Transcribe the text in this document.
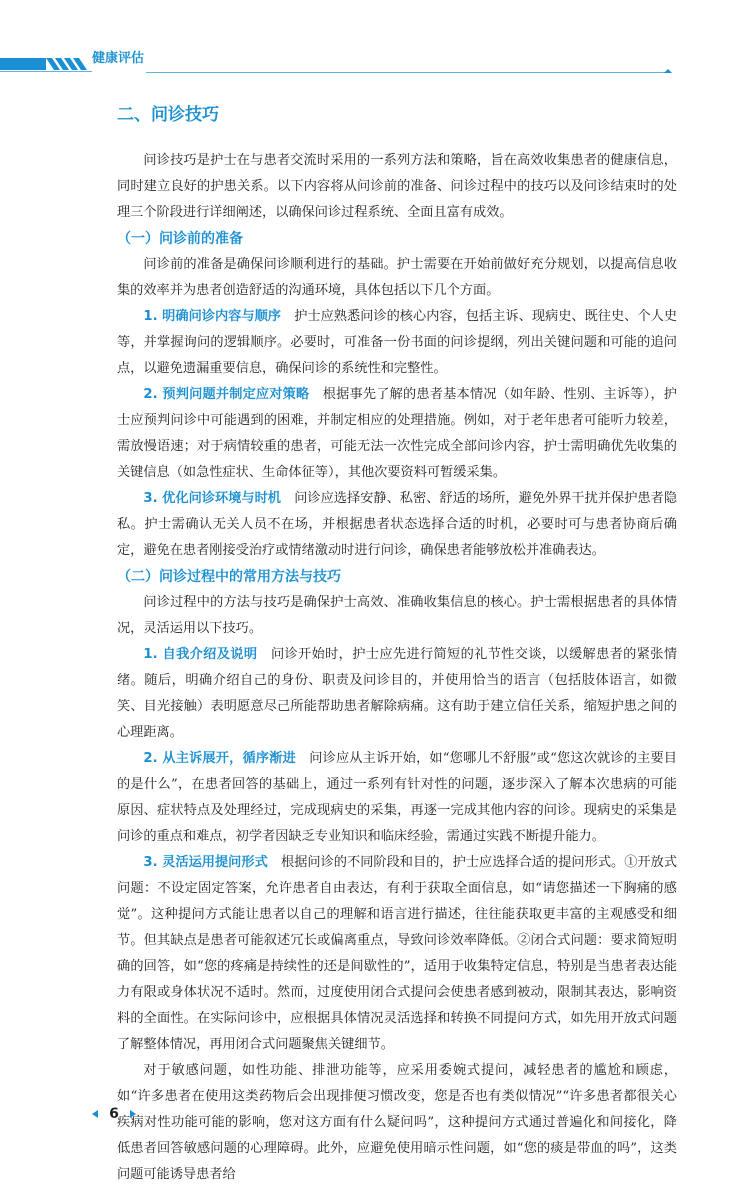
健康评估
二、问诊技巧

问诊技巧是护士在与患者交流时采用的一系列方法和策略，旨在高效收集患者的健康信息，同时建立良好的护患关系。以下内容将从问诊前的准备、问诊过程中的技巧以及问诊结束时的处理三个阶段进行详细阐述，以确保问诊过程系统、全面且富有成效。

（一）问诊前的准备

问诊前的准备是确保问诊顺利进行的基础。护士需要在开始前做好充分规划，以提高信息收集的效率并为患者创造舒适的沟通环境，具体包括以下几个方面。

1. 明确问诊内容与顺序　 护士应熟悉问诊的核心内容，包括主诉、现病史、既往史、个人史等，并掌握询问的逻辑顺序。必要时，可准备一份书面的问诊提纲，列出关键问题和可能的追问点，以避免遗漏重要信息，确保问诊的系统性和完整性。

2. 预判问题并制定应对策略　 根据事先了解的患者基本情况（如年龄、性别、主诉等），护士应预判问诊中可能遇到的困难，并制定相应的处理措施。例如，对于老年患者可能听力较差，需放慢语速；对于病情较重的患者，可能无法一次性完成全部问诊内容，护士需明确优先收集的关键信息（如急性症状、生命体征等），其他次要资料可暂缓采集。

3. 优化问诊环境与时机　 问诊应选择安静、私密、舒适的场所，避免外界干扰并保护患者隐私。护士需确认无关人员不在场，并根据患者状态选择合适的时机，必要时可与患者协商后确定，避免在患者刚接受治疗或情绪激动时进行问诊，确保患者能够放松并准确表达。

（二）问诊过程中的常用方法与技巧

问诊过程中的方法与技巧是确保护士高效、准确收集信息的核心。护士需根据患者的具体情况，灵活运用以下技巧。

1. 自我介绍及说明　 问诊开始时，护士应先进行简短的礼节性交谈，以缓解患者的紧张情绪。随后，明确介绍自己的身份、职责及问诊目的，并使用恰当的语言（包括肢体语言，如微笑、目光接触）表明愿意尽己所能帮助患者解除病痛。这有助于建立信任关系，缩短护患之间的心理距离。

2. 从主诉展开，循序渐进　 问诊应从主诉开始，如“您哪儿不舒服”或“您这次就诊的主要目的是什么”，在患者回答的基础上，通过一系列有针对性的问题，逐步深入了解本次患病的可能原因、症状特点及处理经过，完成现病史的采集，再逐一完成其他内容的问诊。现病史的采集是问诊的重点和难点，初学者因缺乏专业知识和临床经验，需通过实践不断提升能力。

3. 灵活运用提问形式　 根据问诊的不同阶段和目的，护士应选择合适的提问形式。①开放式问题：不设定固定答案，允许患者自由表达，有利于获取全面信息，如“请您描述一下胸痛的感觉”。这种提问方式能让患者以自己的理解和语言进行描述，往往能获取更丰富的主观感受和细节。但其缺点是患者可能叙述冗长或偏离重点，导致问诊效率降低。②闭合式问题：要求简短明确的回答，如“您的疼痛是持续性的还是间歇性的”，适用于收集特定信息，特别是当患者表达能力有限或身体状况不适时。然而，过度使用闭合式提问会使患者感到被动，限制其表达，影响资料的全面性。在实际问诊中，应根据具体情况灵活选择和转换不同提问方式，如先用开放式问题了解整体情况，再用闭合式问题聚焦关键细节。

对于敏感问题，如性功能、排泄功能等，应采用委婉式提问，减轻患者的尴尬和顾虑，如“许多患者在使用这类药物后会出现排便习惯改变，您是否也有类似情况”“许多患者都很关心疾病对性功能可能的影响，您对这方面有什么疑问吗”，这种提问方式通过普遍化和间接化，降低患者回答敏感问题的心理障碍。此外，应避免使用暗示性问题，如“您的痰是带血的吗”，这类问题可能诱导患者给

6
